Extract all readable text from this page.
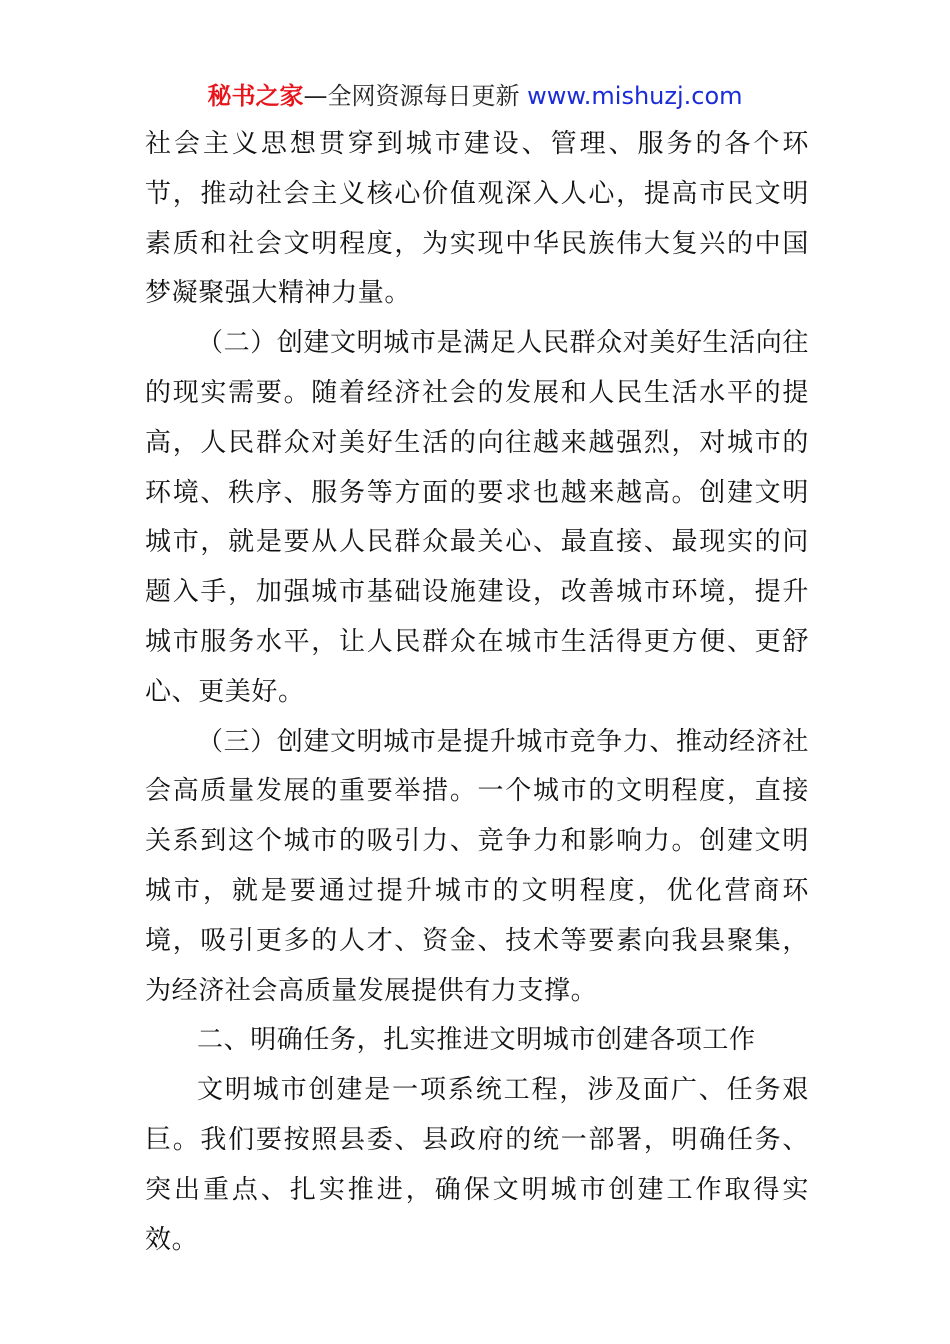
秘书之家—全网资源每日更新 www.mishuzj.com

社会主义思想贯穿到城市建设、管理、服务的各个环节，推动社会主义核心价值观深入人心，提高市民文明素质和社会文明程度，为实现中华民族伟大复兴的中国梦凝聚强大精神力量。

（二）创建文明城市是满足人民群众对美好生活向往的现实需要。随着经济社会的发展和人民生活水平的提高，人民群众对美好生活的向往越来越强烈，对城市的环境、秩序、服务等方面的要求也越来越高。创建文明城市，就是要从人民群众最关心、最直接、最现实的问题入手，加强城市基础设施建设，改善城市环境，提升城市服务水平，让人民群众在城市生活得更方便、更舒心、更美好。

（三）创建文明城市是提升城市竞争力、推动经济社会高质量发展的重要举措。一个城市的文明程度，直接关系到这个城市的吸引力、竞争力和影响力。创建文明城市，就是要通过提升城市的文明程度，优化营商环境，吸引更多的人才、资金、技术等要素向我县聚集，为经济社会高质量发展提供有力支撑。

二、明确任务，扎实推进文明城市创建各项工作

文明城市创建是一项系统工程，涉及面广、任务艰巨。我们要按照县委、县政府的统一部署，明确任务、突出重点、扎实推进，确保文明城市创建工作取得实效。
